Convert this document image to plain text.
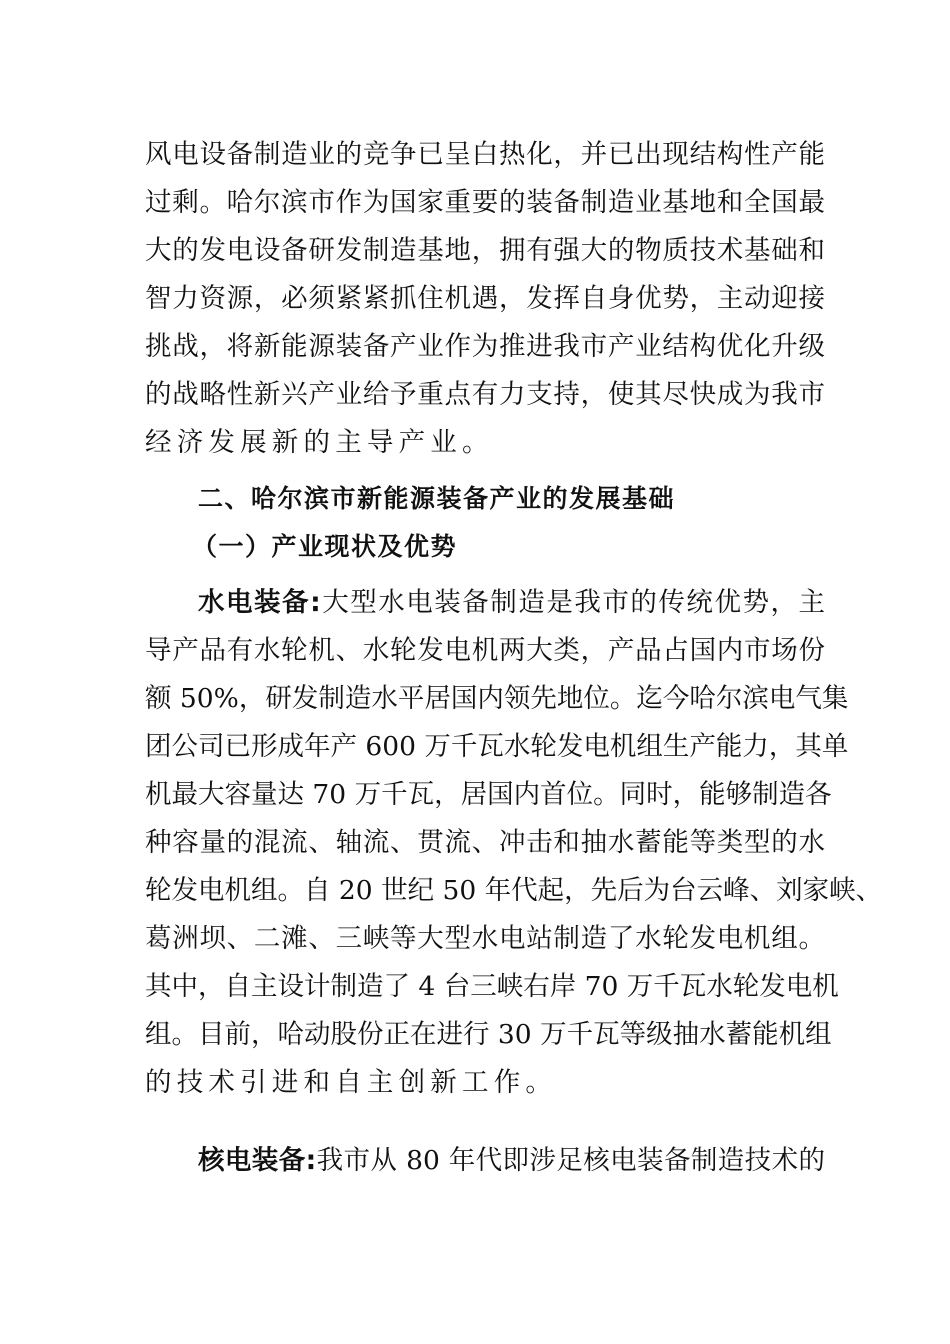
风电设备制造业的竞争已呈白热化，并已出现结构性产能
过剩。哈尔滨市作为国家重要的装备制造业基地和全国最
大的发电设备研发制造基地，拥有强大的物质技术基础和
智力资源，必须紧紧抓住机遇，发挥自身优势，主动迎接
挑战，将新能源装备产业作为推进我市产业结构优化升级
的战略性新兴产业给予重点有力支持，使其尽快成为我市
经济发展新的主导产业。
二、哈尔滨市新能源装备产业的发展基础
（一）产业现状及优势
水电装备:大型水电装备制造是我市的传统优势，主
导产品有水轮机、水轮发电机两大类，产品占国内市场份
额 50%，研发制造水平居国内领先地位。迄今哈尔滨电气集
团公司已形成年产 600 万千瓦水轮发电机组生产能力，其单
机最大容量达 70 万千瓦，居国内首位。同时，能够制造各
种容量的混流、轴流、贯流、冲击和抽水蓄能等类型的水
轮发电机组。自 20 世纪 50 年代起，先后为台云峰、刘家峡、
葛洲坝、二滩、三峡等大型水电站制造了水轮发电机组。
其中，自主设计制造了 4 台三峡右岸 70 万千瓦水轮发电机
组。目前，哈动股份正在进行 30 万千瓦等级抽水蓄能机组
的技术引进和自主创新工作。
核电装备:我市从 80 年代即涉足核电装备制造技术的
